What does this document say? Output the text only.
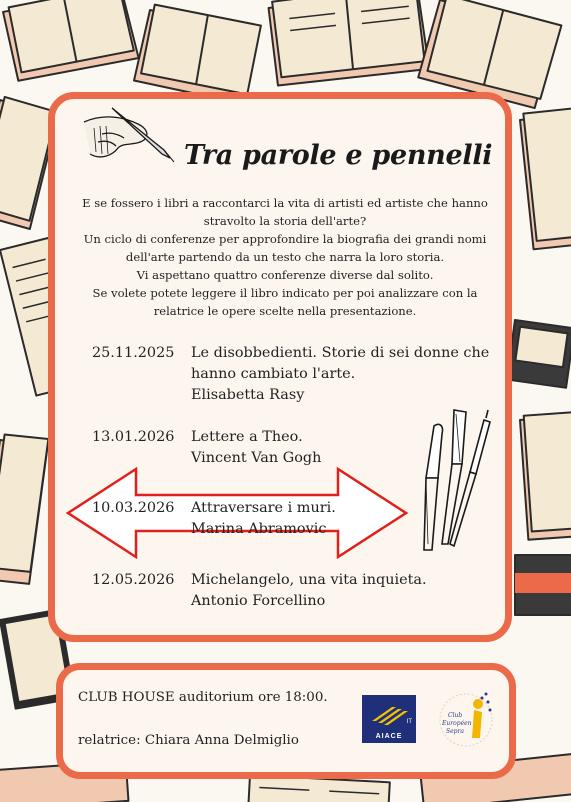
Tra parole e pennelli
E se fossero i libri a raccontarci la vita di artisti ed artiste che hanno
stravolto la storia dell'arte?
Un ciclo di conferenze per approfondire la biografia dei grandi nomi
dell'arte partendo da un testo che narra la loro storia.
Vi aspettano quattro conferenze diverse dal solito.
Se volete potete leggere il libro indicato per poi analizzare con la
relatrice le opere scelte nella presentazione.
25.11.2025 Le disobbedienti. Storie di sei donne che
hanno cambiato l'arte.
Elisabetta Rasy
13.01.2026 Lettere a Theo.
Vincent Van Gogh
10.03.2026 Attraversare i muri.
Marina Abramovic
12.05.2026 Michelangelo, una vita inquieta.
Antonio Forcellino
CLUB HOUSE auditorium ore 18:00.
relatrice: Chiara Anna Delmiglio
IT
AIACE
Club
Européen
Sepra
